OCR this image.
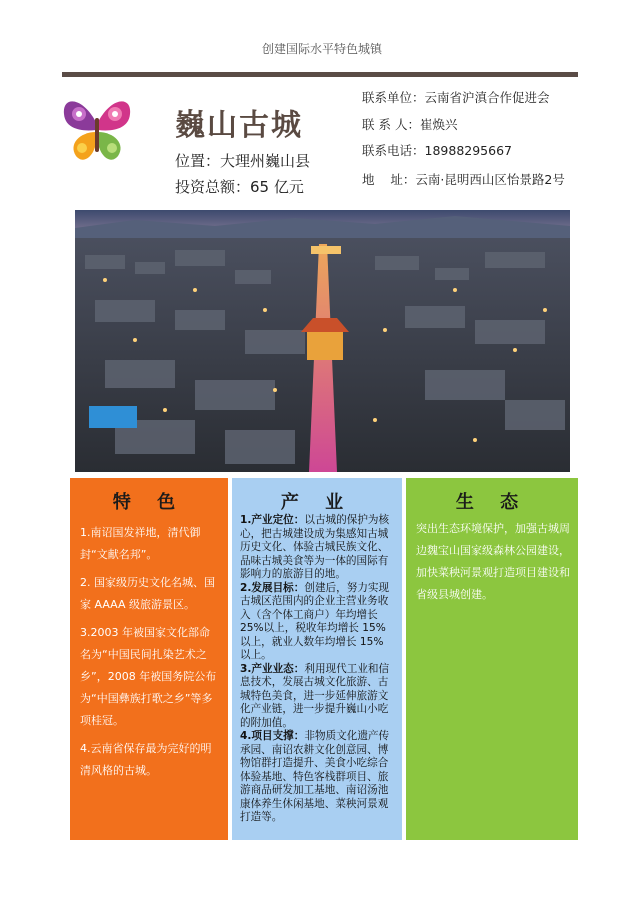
创建国际水平特色城镇
巍山古城
位置：大理州巍山县
投资总额：65 亿元
联系单位：云南省沪滇合作促进会
联 系 人：崔焕兴
联系电话：18988295667
地    址：云南·昆明西山区怡景路2号
特 色

1.南诏国发祥地，清代御封“文献名邦”。

2. 国家级历史文化名城、国家 AAAA 级旅游景区。

3.2003 年被国家文化部命名为“中国民间扎染艺术之乡”，2008 年被国务院公布为“中国彝族打歌之乡”等多项桂冠。

4.云南省保存最为完好的明清风格的古城。

产 业

1.产业定位：以古城的保护为核心，把古城建设成为集感知古城历史文化、体验古城民族文化、品味古城美食等为一体的国际有影响力的旅游目的地。

2.发展目标：创建后，努力实现古城区范围内的企业主营业务收入（含个体工商户）年均增长 25%以上，税收年均增长 15%以上，就业人数年均增长 15%以上。

3.产业业态：利用现代工业和信息技术，发展古城文化旅游、古城特色美食，进一步延伸旅游文化产业链，进一步提升巍山小吃的附加值。

4.项目支撑：非物质文化遗产传承园、南诏农耕文化创意园、博物馆群打造提升、美食小吃综合体验基地、特色客栈群项目、旅游商品研发加工基地、南诏汤池康体养生休闲基地、菜秧河景观打造等。

生 态
突出生态环境保护，加强古城周边魏宝山国家级森林公园建设，加快菜秧河景观打造项目建设和省级县城创建。
